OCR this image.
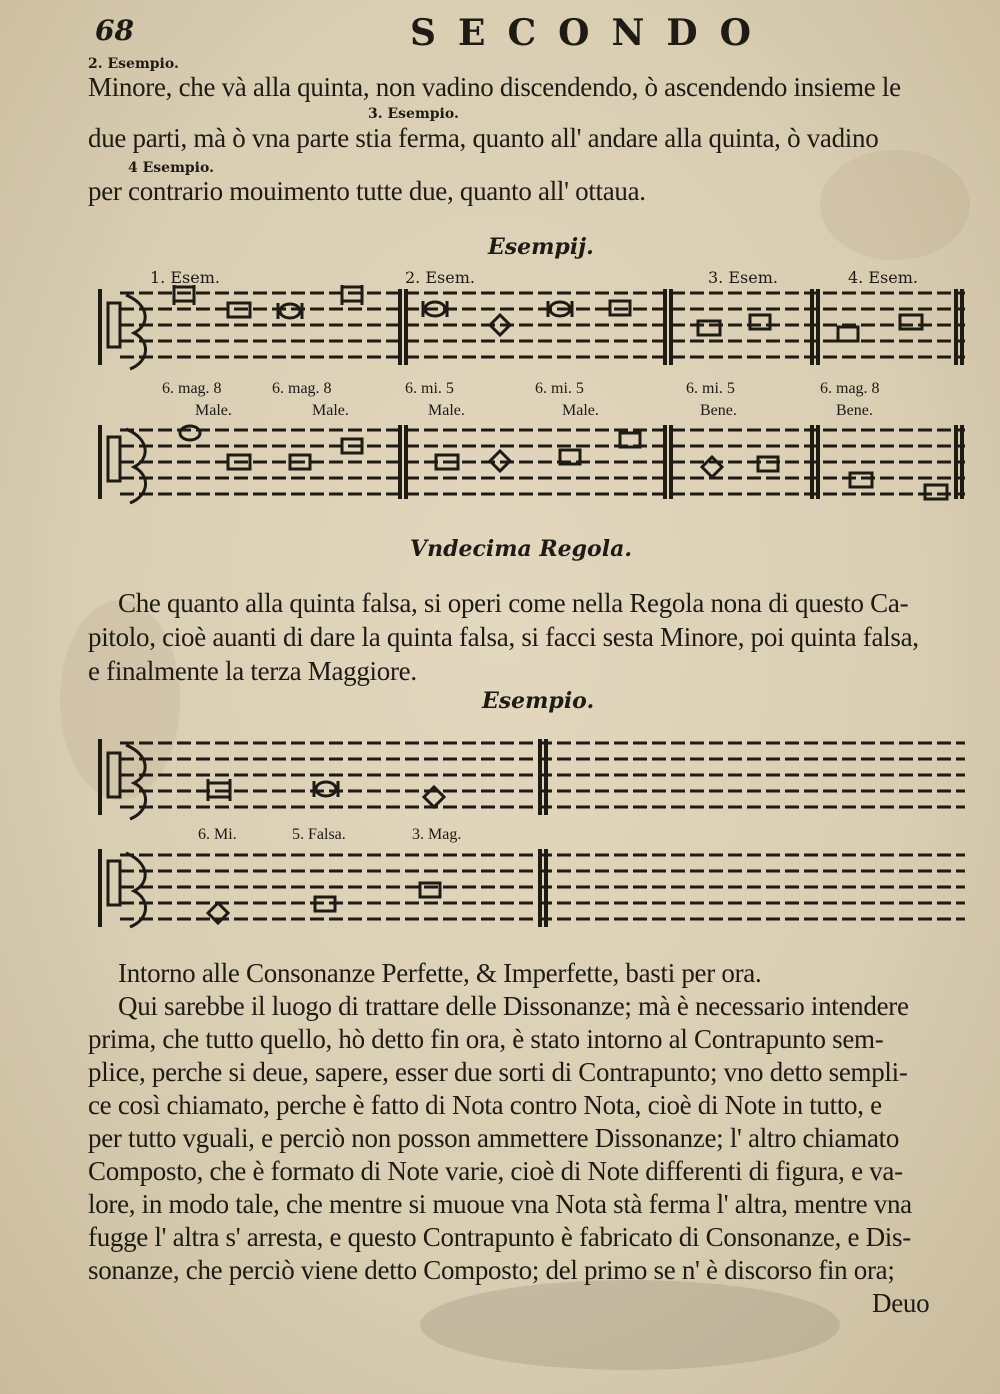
68	SECONDO
2. Esempio.
Minore, che và alla quinta, non vadino discendendo, ò ascendendo insieme le
3. Esempio.
due parti, mà ò vna parte stia ferma, quanto all' andare alla quinta, ò vadino
4 Esempio.
per contrario mouimento tutte due, quanto all' ottaua.
Esempij.
1. Esem.	2. Esem.	3. Esem.	4. Esem.
6. mag. 8	6. mag. 8	6. mi. 5	6. mi. 5	6. mi. 5	6. mag. 8
Male.	Male.	Male.	Male.	Bene.	Bene.
Vndecima Regola.
Che quanto alla quinta falsa, si operi come nella Regola nona di questo Ca-
pitolo, cioè auanti di dare la quinta falsa, si facci sesta Minore, poi quinta falsa,
e finalmente la terza Maggiore.
Esempio.
6. Mi.	5. Falsa.	3. Mag.
Intorno alle Consonanze Perfette, & Imperfette, basti per ora.
Qui sarebbe il luogo di trattare delle Dissonanze; mà è necessario intendere
prima, che tutto quello, hò detto fin ora, è stato intorno al Contrapunto sem-
plice, perche si deue, sapere, esser due sorti di Contrapunto; vno detto sempli-
ce così chiamato, perche è fatto di Nota contro Nota, cioè di Note in tutto, e
per tutto vguali, e perciò non posson ammettere Dissonanze; l' altro chiamato
Composto, che è formato di Note varie, cioè di Note differenti di figura, e va-
lore, in modo tale, che mentre si muoue vna Nota stà ferma l' altra, mentre vna
fugge l' altra s' arresta, e questo Contrapunto è fabricato di Consonanze, e Dis-
sonanze, che perciò viene detto Composto; del primo se n' è discorso fin ora;
Deuo
